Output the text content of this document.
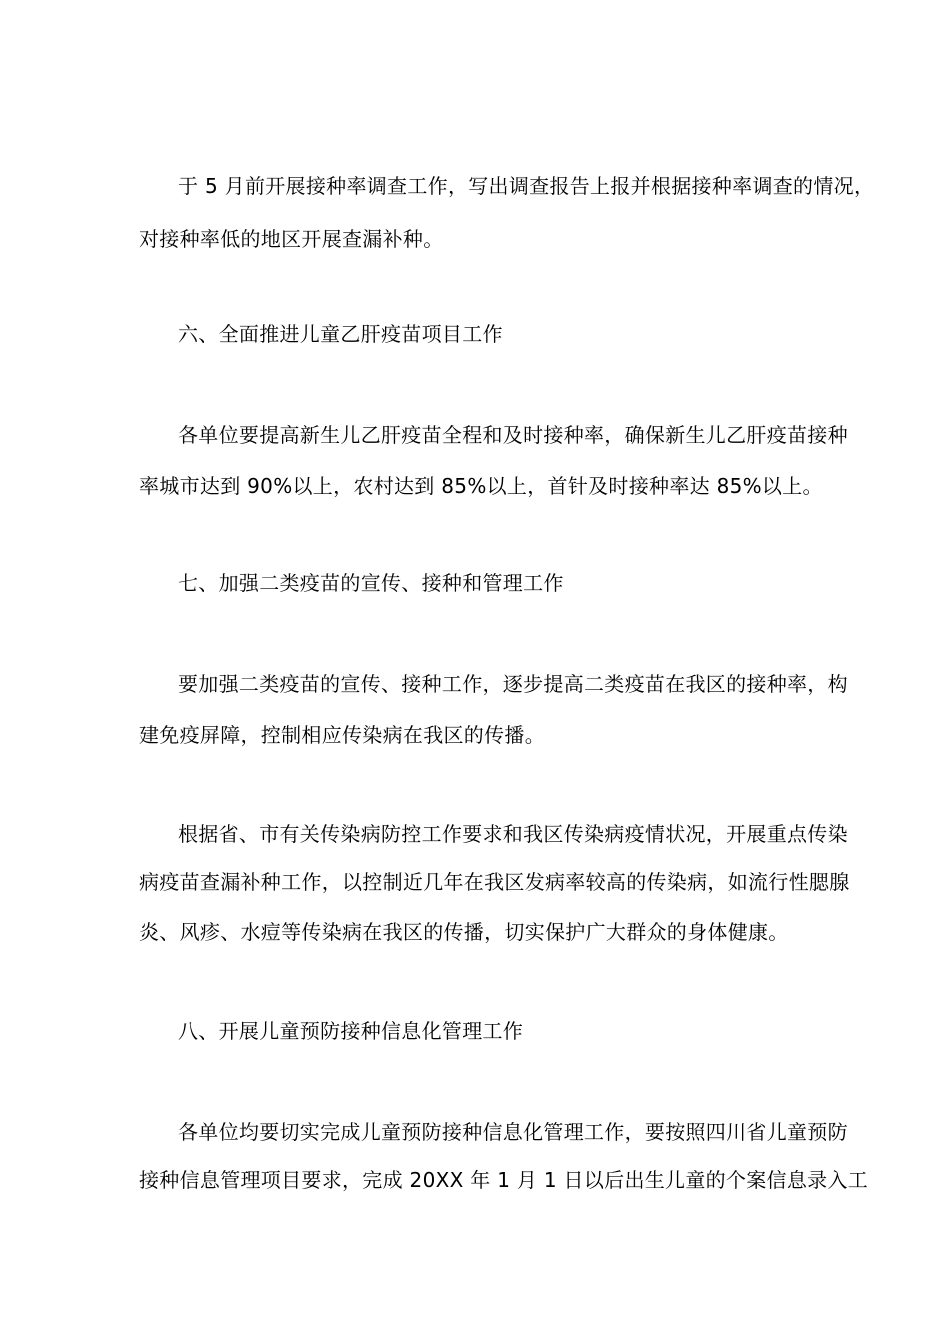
于 5 月前开展接种率调查工作，写出调查报告上报并根据接种率调查的情况，
对接种率低的地区开展查漏补种。
六、全面推进儿童乙肝疫苗项目工作
各单位要提高新生儿乙肝疫苗全程和及时接种率，确保新生儿乙肝疫苗接种
率城市达到 90%以上，农村达到 85%以上，首针及时接种率达 85%以上。
七、加强二类疫苗的宣传、接种和管理工作
要加强二类疫苗的宣传、接种工作，逐步提高二类疫苗在我区的接种率，构
建免疫屏障，控制相应传染病在我区的传播。
根据省、市有关传染病防控工作要求和我区传染病疫情状况，开展重点传染
病疫苗查漏补种工作，以控制近几年在我区发病率较高的传染病，如流行性腮腺
炎、风疹、水痘等传染病在我区的传播，切实保护广大群众的身体健康。
八、开展儿童预防接种信息化管理工作
各单位均要切实完成儿童预防接种信息化管理工作，要按照四川省儿童预防
接种信息管理项目要求，完成 20XX 年 1 月 1 日以后出生儿童的个案信息录入工
